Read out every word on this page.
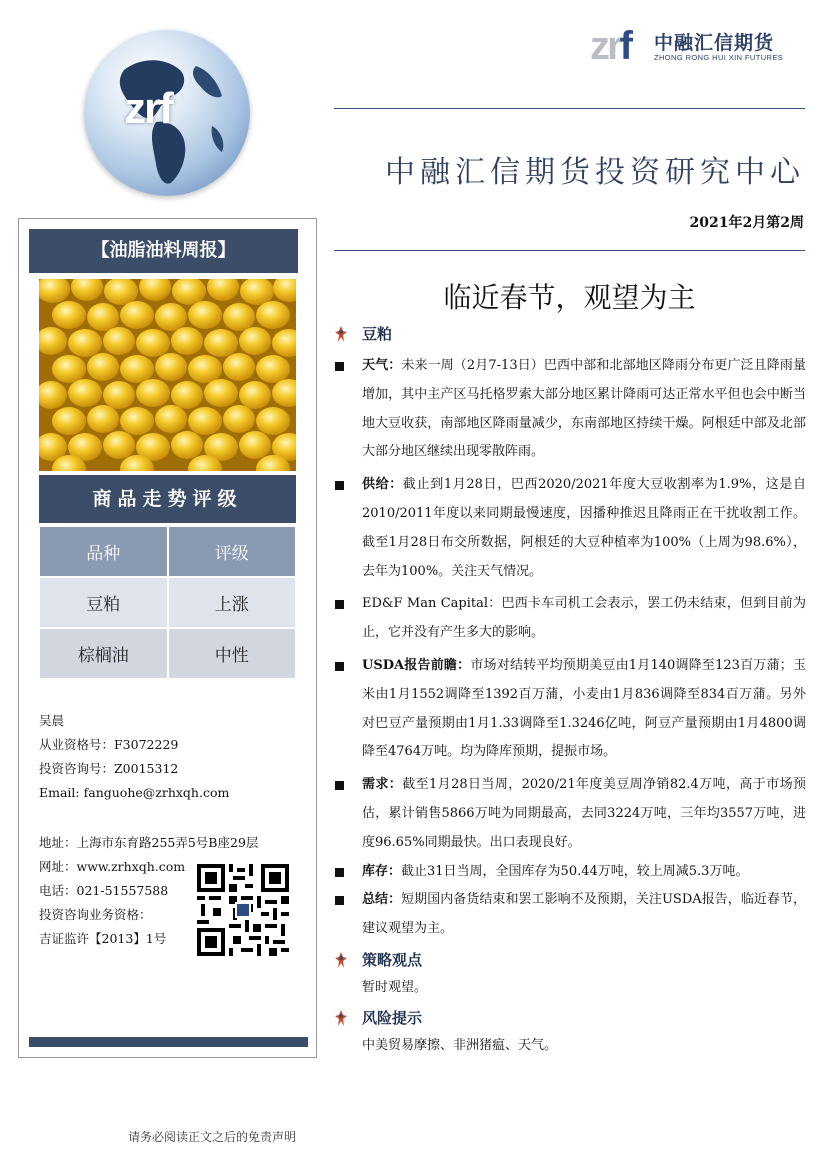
zrf
zrf 中融汇信期货
ZHONG RONG HUI XIN FUTURES
中融汇信期货投资研究中心
2021年2月第2周
【油脂油料周报】
商品走势评级
品种	评级
豆粕	上涨
棕榈油	中性
吴晨
从业资格号：F3072229
投资咨询号：Z0015312
Email: fanguohe@zrhxqh.com
地址：上海市东育路255弄5号B座29层
网址：www.zrhxqh.com
电话：021-51557588
投资咨询业务资格：
吉证监许【2013】1号
临近春节，观望为主
豆粕
天气：未来一周（2月7-13日）巴西中部和北部地区降雨分布更广泛且降雨量增加，其中主产区马托格罗索大部分地区累计降雨可达正常水平但也会中断当地大豆收获，南部地区降雨量减少，东南部地区持续干燥。阿根廷中部及北部大部分地区继续出现零散阵雨。
供给：截止到1月28日，巴西2020/2021年度大豆收割率为1.9%，这是自2010/2011年度以来同期最慢速度，因播种推迟且降雨正在干扰收割工作。截至1月28日布交所数据，阿根廷的大豆种植率为100%（上周为98.6%），去年为100%。关注天气情况。
ED&F Man Capital：巴西卡车司机工会表示，罢工仍未结束，但到目前为止，它并没有产生多大的影响。
USDA报告前瞻：市场对结转平均预期美豆由1月140调降至123百万蒲；玉米由1月1552调降至1392百万蒲，小麦由1月836调降至834百万蒲。另外对巴豆产量预期由1月1.33调降至1.3246亿吨，阿豆产量预期由1月4800调降至4764万吨。均为降库预期，提振市场。
需求：截至1月28日当周，2020/21年度美豆周净销82.4万吨，高于市场预估，累计销售5866万吨为同期最高，去同3224万吨，三年均3557万吨，进度96.65%同期最快。出口表现良好。
库存：截止31日当周，全国库存为50.44万吨，较上周减5.3万吨。
总结：短期国内备货结束和罢工影响不及预期，关注USDA报告，临近春节，建议观望为主。
策略观点
暂时观望。
风险提示
中美贸易摩擦、非洲猪瘟、天气。
请务必阅读正文之后的免责声明
